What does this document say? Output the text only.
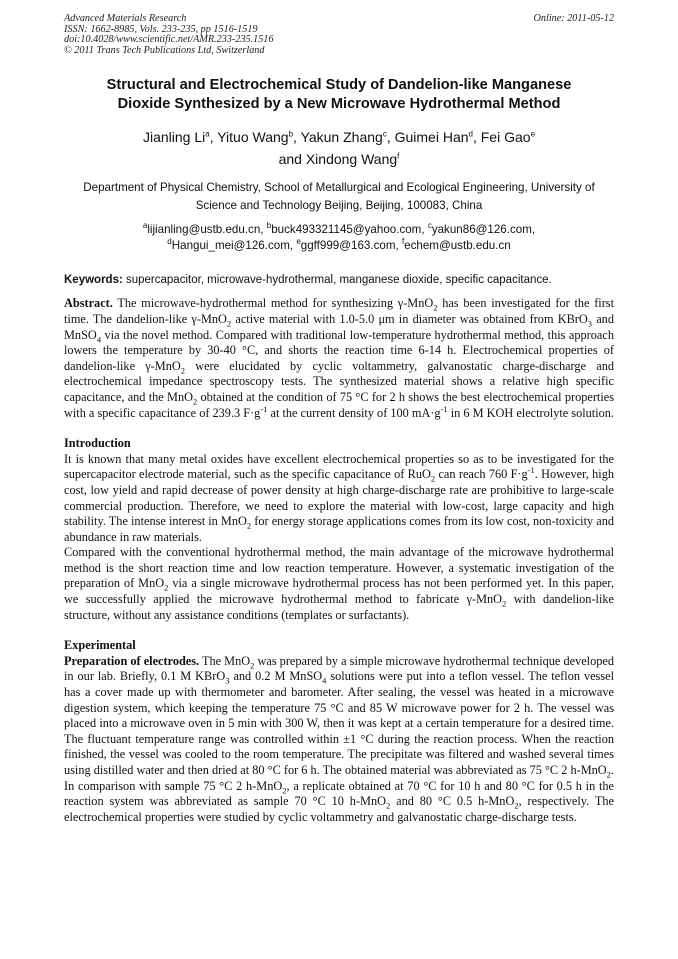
Advanced Materials Research
ISSN: 1662-8985, Vols. 233-235, pp 1516-1519
doi:10.4028/www.scientific.net/AMR.233-235.1516
© 2011 Trans Tech Publications Ltd, Switzerland
Online: 2011-05-12
Structural and Electrochemical Study of Dandelion-like Manganese
Dioxide Synthesized by a New Microwave Hydrothermal Method
Jianling Li$^a$, Yituo Wang$^b$, Yakun Zhang$^c$, Guimei Han$^d$, Fei Gao$^e$
and Xindong Wang$^f$
Department of Physical Chemistry, School of Metallurgical and Ecological Engineering, University of
Science and Technology Beijing, Beijing, 100083, China
$^a$lijianling@ustb.edu.cn, $^b$buck493321145@yahoo.com, $^c$yakun86@126.com,
$^d$Hangui_mei@126.com, $^e$ggff999@163.com, $^f$echem@ustb.edu.cn
Keywords: supercapacitor, microwave-hydrothermal, manganese dioxide, specific capacitance.

Abstract. The microwave-hydrothermal method for synthesizing γ-MnO$_2$ has been investigated for the first time. The dandelion-like γ-MnO$_2$ active material with 1.0-5.0 μm in diameter was obtained from KBrO$_3$ and MnSO$_4$ via the novel method. Compared with traditional low-temperature hydrothermal method, this approach lowers the temperature by 30-40 °C, and shorts the reaction time 6-14 h. Electrochemical properties of dandelion-like γ-MnO$_2$ were elucidated by cyclic voltammetry, galvanostatic charge-discharge and electrochemical impedance spectroscopy tests. The synthesized material shows a relative high specific capacitance, and the MnO$_2$ obtained at the condition of 75 °C for 2 h shows the best electrochemical properties with a specific capacitance of 239.3 $F\cdot g^{-1}$ at the current density of 100 $mA\cdot g^{-1}$ in 6 M KOH electrolyte solution.

Introduction

It is known that many metal oxides have excellent electrochemical properties so as to be investigated for the supercapacitor electrode material, such as the specific capacitance of RuO$_2$ can reach 760 $F\cdot g^{-1}$. However, high cost, low yield and rapid decrease of power density at high charge-discharge rate are prohibitive to large-scale commercial production. Therefore, we need to explore the material with low-cost, large capacity and high stability. The intense interest in MnO$_2$ for energy storage applications comes from its low cost, non-toxicity and abundance in raw materials.

Compared with the conventional hydrothermal method, the main advantage of the microwave hydrothermal method is the short reaction time and low reaction temperature. However, a systematic investigation of the preparation of MnO$_2$ via a single microwave hydrothermal process has not been performed yet. In this paper, we successfully applied the microwave hydrothermal method to fabricate γ-MnO$_2$ with dandelion-like structure, without any assistance conditions (templates or surfactants).

Experimental

Preparation of electrodes. The MnO$_2$ was prepared by a simple microwave hydrothermal technique developed in our lab. Briefly, 0.1 M KBrO$_3$ and 0.2 M MnSO$_4$ solutions were put into a teflon vessel. The teflon vessel has a cover made up with thermometer and barometer. After sealing, the vessel was heated in a microwave digestion system, which keeping the temperature 75 °C and 85 W microwave power for 2 h. The vessel was placed into a microwave oven in 5 min with 300 W, then it was kept at a certain temperature for a desired time. The fluctuant temperature range was controlled within ±1 °C during the reaction process. When the reaction finished, the vessel was cooled to the room temperature. The precipitate was filtered and washed several times using distilled water and then dried at 80 °C for 6 h. The obtained material was abbreviated as 75 °C 2 h-MnO$_2$. In comparison with sample 75 °C 2 h-MnO$_2$, a replicate obtained at 70 °C for 10 h and 80 °C for 0.5 h in the reaction system was abbreviated as sample 70 °C 10 h-MnO$_2$ and 80 °C 0.5 h-MnO$_2$, respectively. The electrochemical properties were studied by cyclic voltammetry and galvanostatic charge-discharge tests.
